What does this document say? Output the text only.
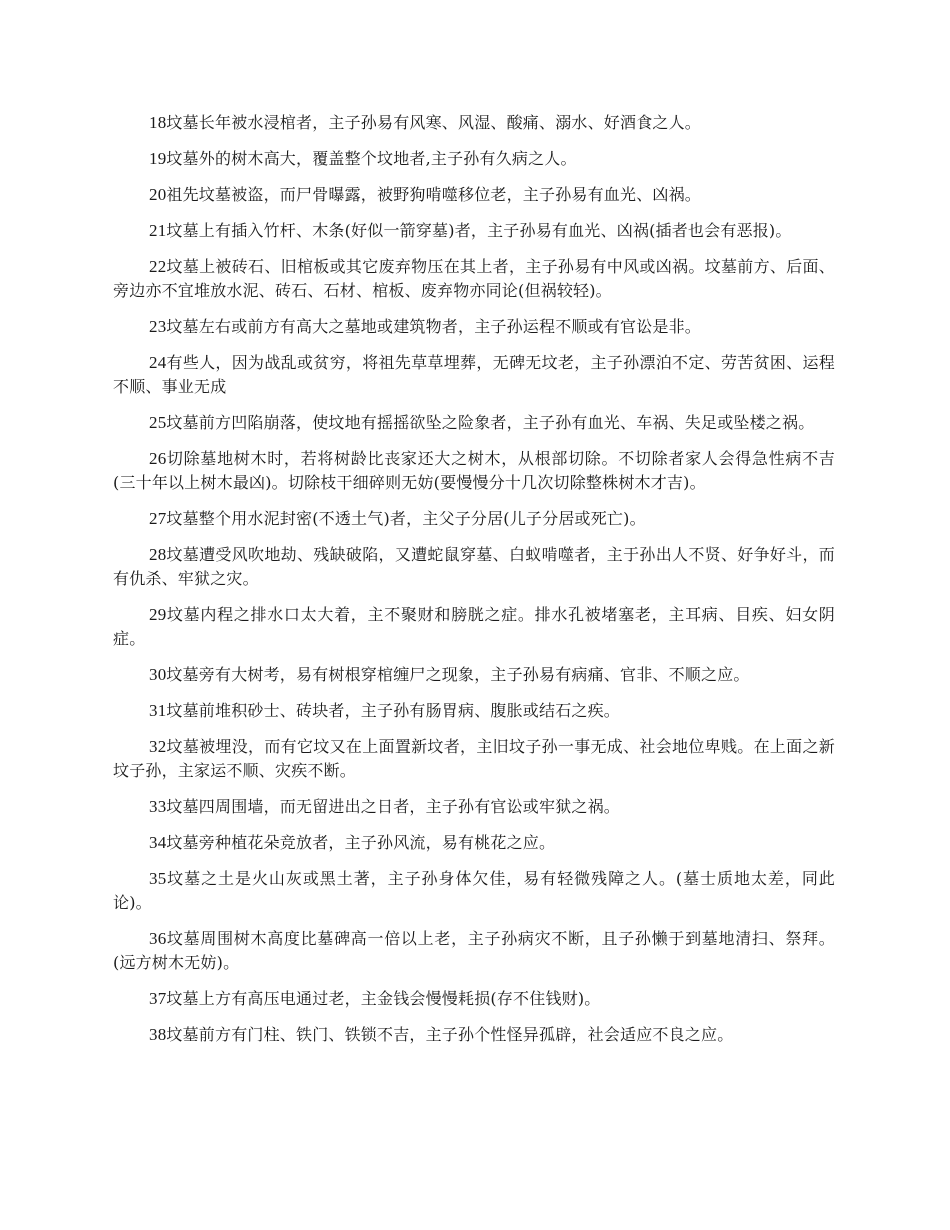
18坟墓长年被水浸棺者，主子孙易有风寒、风湿、酸痛、溺水、好酒食之人。

19坟墓外的树木高大，覆盖整个坟地者,主子孙有久病之人。

20祖先坟墓被盗，而尸骨曝露，被野狗啃噬移位老，主子孙易有血光、凶祸。

21坟墓上有插入竹杆、木条(好似一箭穿墓)者，主子孙易有血光、凶祸(插者也会有恶报)。

22坟墓上被砖石、旧棺板或其它废弃物压在其上者，主子孙易有中风或凶祸。坟墓前方、后面、旁边亦不宜堆放水泥、砖石、石材、棺板、废弃物亦同论(但祸较轻)。

23坟墓左右或前方有高大之墓地或建筑物者，主子孙运程不顺或有官讼是非。

24有些人，因为战乱或贫穷，将祖先草草埋葬，无碑无坟老，主子孙漂泊不定、劳苦贫困、运程不顺、事业无成

25坟墓前方凹陷崩落，使坟地有摇摇欲坠之险象者，主子孙有血光、车祸、失足或坠楼之祸。

26切除墓地树木时，若将树龄比丧家还大之树木，从根部切除。不切除者家人会得急性病不吉(三十年以上树木最凶)。切除枝干细碎则无妨(要慢慢分十几次切除整株树木才吉)。

27坟墓整个用水泥封密(不透土气)者，主父子分居(儿子分居或死亡)。

28坟墓遭受风吹地劫、残缺破陷，又遭蛇鼠穿墓、白蚁啃噬者，主于孙出人不贤、好争好斗，而有仇杀、牢狱之灾。

29坟墓内程之排水口太大着，主不聚财和膀胱之症。排水孔被堵塞老，主耳病、目疾、妇女阴症。

30坟墓旁有大树考，易有树根穿棺缠尸之现象，主子孙易有病痛、官非、不顺之应。

31坟墓前堆积砂士、砖块者，主子孙有肠胃病、腹胀或结石之疾。

32坟墓被埋没，而有它坟又在上面置新坟者，主旧坟子孙一事无成、社会地位卑贱。在上面之新坟子孙，主家运不顺、灾疾不断。

33坟墓四周围墙，而无留进出之日者，主子孙有官讼或牢狱之祸。

34坟墓旁种植花朵竞放者，主子孙风流，易有桃花之应。

35坟墓之土是火山灰或黑土著，主子孙身体欠佳，易有轻微残障之人。(墓士质地太差，同此论)。

36坟墓周围树木高度比墓碑高一倍以上老，主子孙病灾不断，且子孙懒于到墓地清扫、祭拜。(远方树木无妨)。

37坟墓上方有高压电通过老，主金钱会慢慢耗损(存不住钱财)。

38坟墓前方有门柱、铁门、铁锁不吉，主子孙个性怪异孤辟，社会适应不良之应。
